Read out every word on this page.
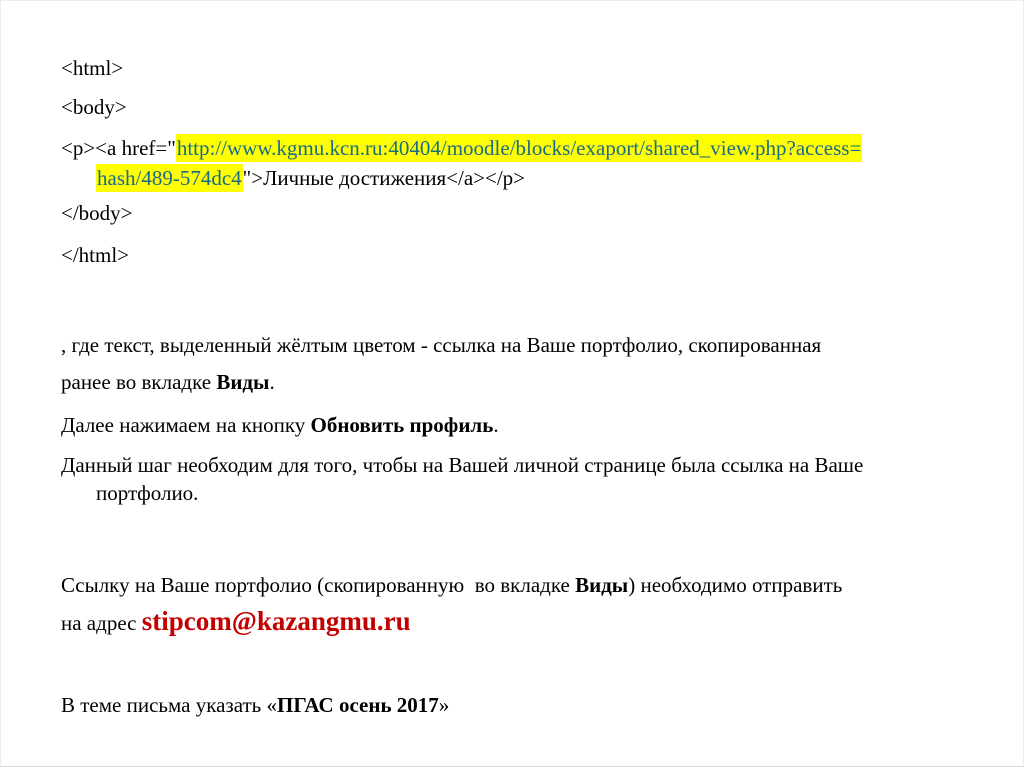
<html>
<body>
<p><a href="http://www.kgmu.kcn.ru:40404/moodle/blocks/exaport/shared_view.php?access=
hash/489-574dc4">Личные достижения</a></p>
</body>
</html>
, где текст, выделенный жёлтым цветом - ссылка на Ваше портфолио, скопированная
ранее во вкладке Виды.
Далее нажимаем на кнопку Обновить профиль.
Данный шаг необходим для того, чтобы на Вашей личной странице была ссылка на Ваше
портфолио.
Ссылку на Ваше портфолио (скопированную  во вкладке Виды) необходимо отправить
на адрес stipcom@kazangmu.ru
В теме письма указать «ПГАС осень 2017»
